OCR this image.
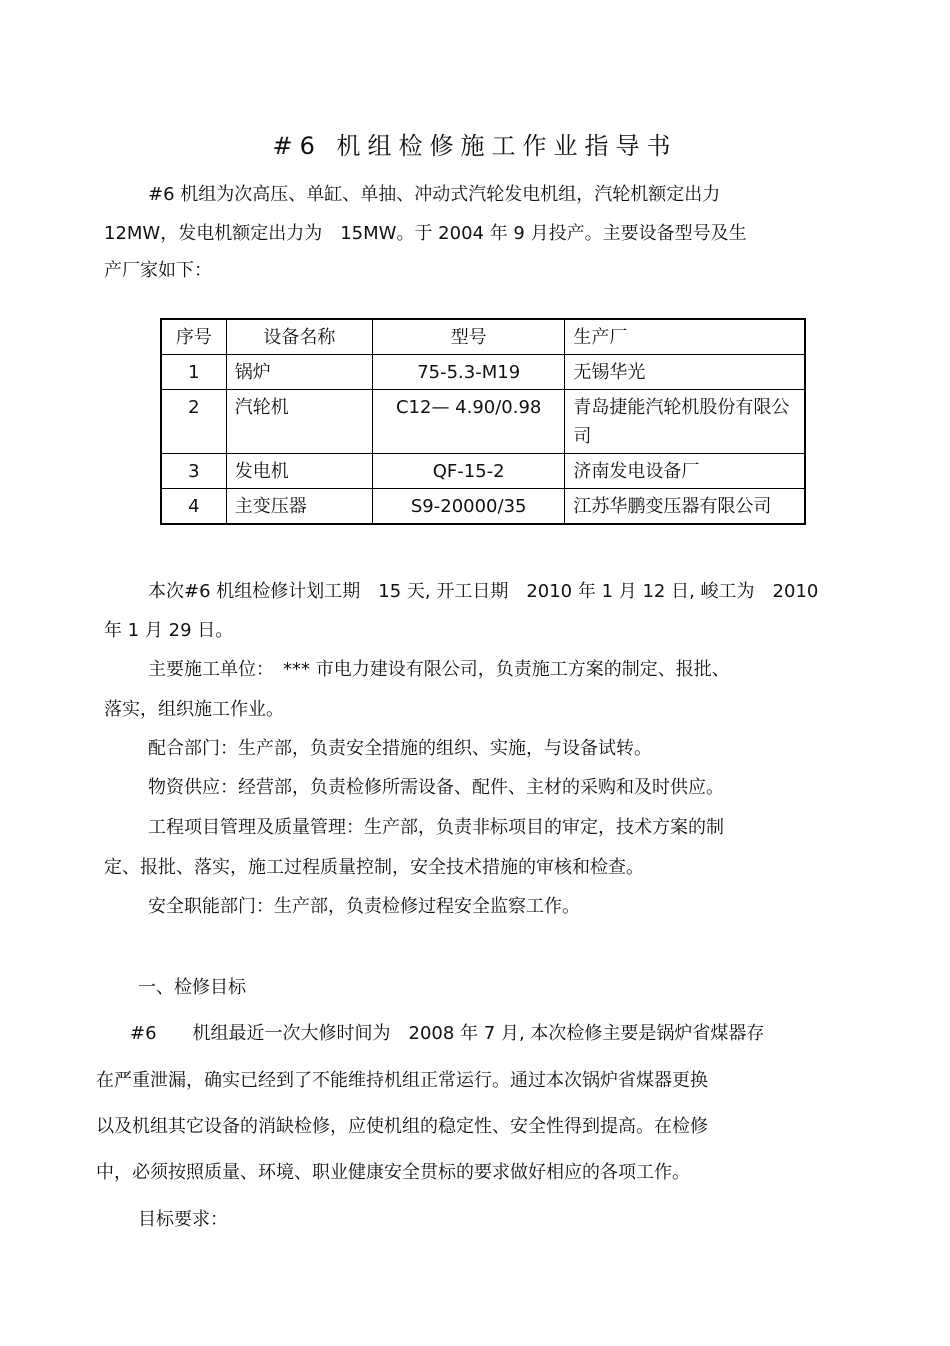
#6 机组检修施工作业指导书
#6 机组为次高压、单缸、单抽、冲动式汽轮发电机组，汽轮机额定出力
12MW，发电机额定出力为　15MW。于 2004 年 9 月投产。主要设备型号及生
产厂家如下：
序号	设备名称	型号	生产厂
1	锅炉	75-5.3-M19	无锡华光
2	汽轮机	C12— 4.90/0.98	青岛捷能汽轮机股份有限公司
3	发电机	QF-15-2	济南发电设备厂
4	主变压器	S9-20000/35	江苏华鹏变压器有限公司
本次#6 机组检修计划工期　15 天, 开工日期　2010 年 1 月 12 日, 峻工为　2010
年 1 月 29 日。
主要施工单位：　*** 市电力建设有限公司，负责施工方案的制定、报批、
落实，组织施工作业。
配合部门：生产部，负责安全措施的组织、实施，与设备试转。
物资供应：经营部，负责检修所需设备、配件、主材的采购和及时供应。
工程项目管理及质量管理：生产部，负责非标项目的审定，技术方案的制
定、报批、落实，施工过程质量控制，安全技术措施的审核和检查。
安全职能部门：生产部，负责检修过程安全监察工作。
一、检修目标
#6　　机组最近一次大修时间为　2008 年 7 月, 本次检修主要是锅炉省煤器存
在严重泄漏，确实已经到了不能维持机组正常运行。通过本次锅炉省煤器更换
以及机组其它设备的消缺检修，应使机组的稳定性、安全性得到提高。在检修
中，必须按照质量、环境、职业健康安全贯标的要求做好相应的各项工作。
目标要求：
